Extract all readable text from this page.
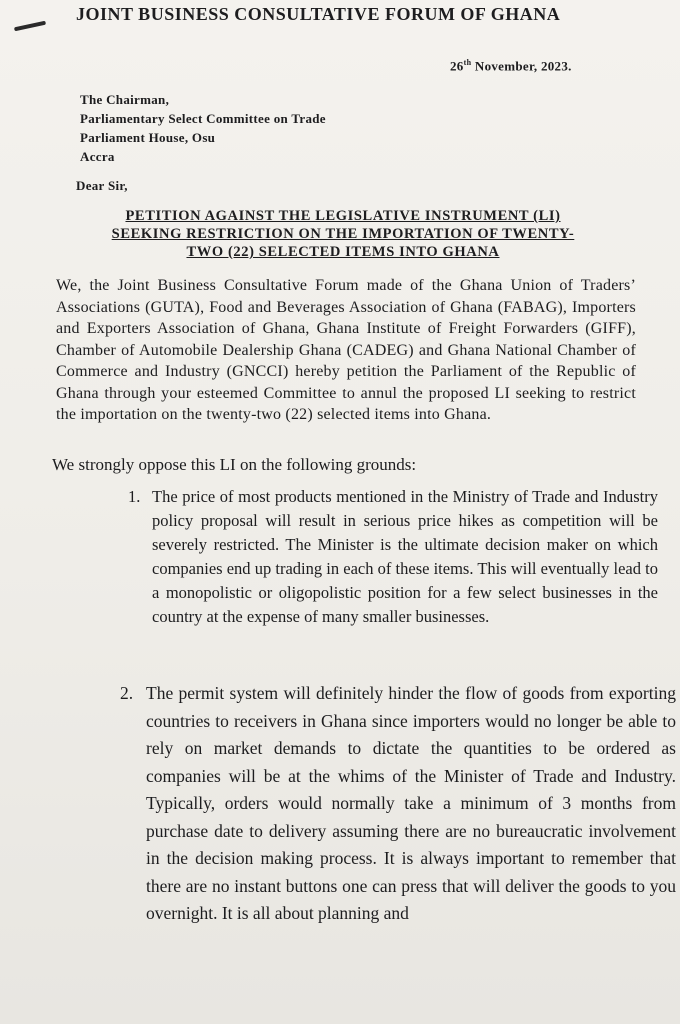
JOINT BUSINESS CONSULTATIVE FORUM OF GHANA
26th November, 2023.
The Chairman,
Parliamentary Select Committee on Trade
Parliament House, Osu
Accra
Dear Sir,
PETITION AGAINST THE LEGISLATIVE INSTRUMENT (LI)
SEEKING RESTRICTION ON THE IMPORTATION OF TWENTY-
TWO (22) SELECTED ITEMS INTO GHANA
We, the Joint Business Consultative Forum made of the Ghana Union of Traders’ Associations (GUTA), Food and Beverages Association of Ghana (FABAG), Importers and Exporters Association of Ghana, Ghana Institute of Freight Forwarders (GIFF), Chamber of Automobile Dealership Ghana (CADEG) and Ghana National Chamber of Commerce and Industry (GNCCI) hereby petition the Parliament of the Republic of Ghana through your esteemed Committee to annul the proposed LI seeking to restrict the importation on the twenty-two (22) selected items into Ghana.
We strongly oppose this LI on the following grounds:
1. The price of most products mentioned in the Ministry of Trade and Industry policy proposal will result in serious price hikes as competition will be severely restricted. The Minister is the ultimate decision maker on which companies end up trading in each of these items. This will eventually lead to a monopolistic or oligopolistic position for a few select businesses in the country at the expense of many smaller businesses.
2. The permit system will definitely hinder the flow of goods from exporting countries to receivers in Ghana since importers would no longer be able to rely on market demands to dictate the quantities to be ordered as companies will be at the whims of the Minister of Trade and Industry. Typically, orders would normally take a minimum of 3 months from purchase date to delivery assuming there are no bureaucratic involvement in the decision making process. It is always important to remember that there are no instant buttons one can press that will deliver the goods to you overnight. It is all about planning and
